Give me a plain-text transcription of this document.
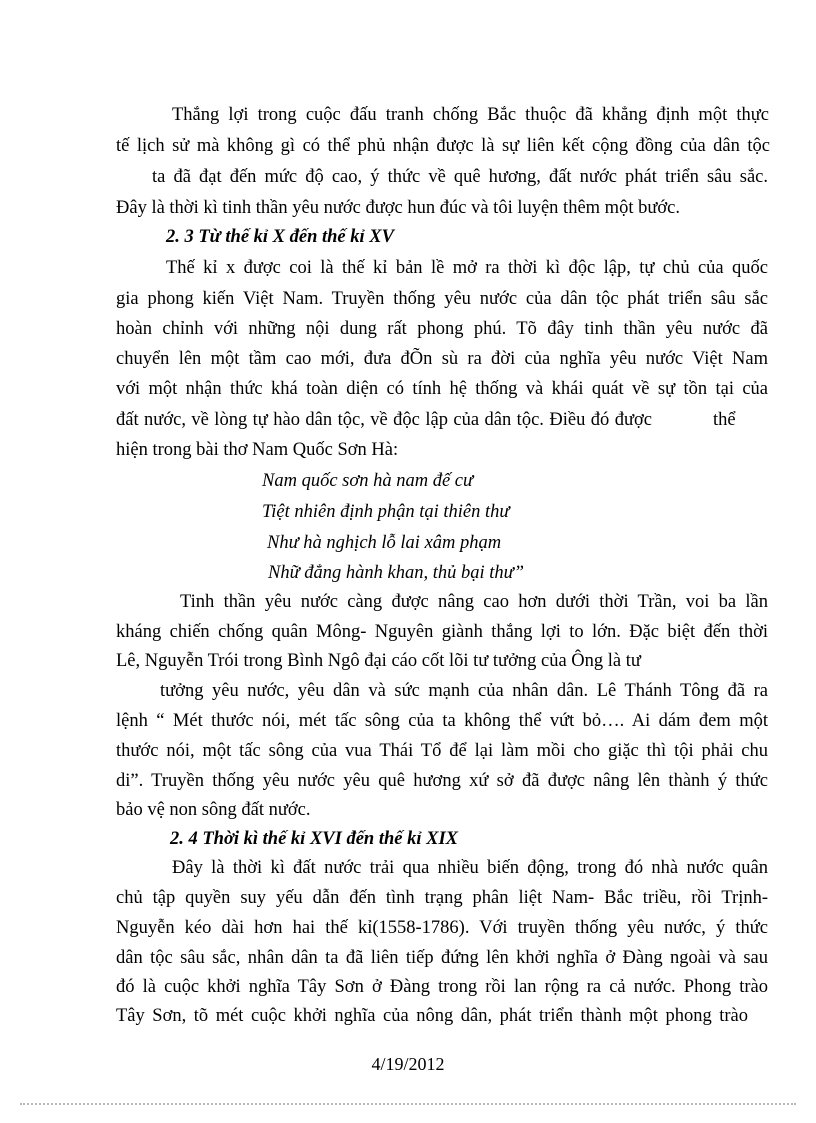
Thắng lợi trong cuộc đấu tranh chống Bắc thuộc đã khẳng định một thực
tế lịch sử mà không gì có thể phủ nhận được là sự liên kết cộng đồng của dân tộc
ta đã đạt đến mức độ cao, ý thức về quê hương, đất nước phát triển sâu sắc.
Đây là thời kì tinh thần yêu nước được hun đúc và tôi luyện thêm một bước.
2. 3 Từ thế kỉ X đến thế kỉ XV
Thế kỉ x được coi là thế kỉ bản lề mở ra thời kì độc lập, tự chủ của quốc
gia phong kiến Việt Nam. Truyền thống yêu nước của dân tộc phát triển sâu sắc
hoàn chỉnh với những nội dung rất phong phú. Tõ đây tinh thần yêu nước đã
chuyển lên một tầm cao mới, đưa đÕn sù ra đời của nghĩa yêu nước Việt Nam
với một nhận thức khá toàn diện có tính hệ thống và khái quát về sự tồn tại của
đất nước, về lòng tự hào dân tộc, về độc lập của dân tộc. Điều đó được	thể
hiện trong bài thơ Nam Quốc Sơn Hà:
Nam quốc sơn hà nam đế cư
Tiệt nhiên định phận tại thiên thư
Như hà nghịch lỗ lai xâm phạm
Nhữ đẳng hành khan, thủ bại thư”
Tinh thần yêu nước càng được nâng cao hơn dưới thời Trần, voi ba lần
kháng chiến chống quân Mông- Nguyên giành thắng lợi to lớn. Đặc biệt đến thời
Lê, Nguyễn Trói trong Bình Ngô đại cáo cốt lõi tư tưởng của Ông là tư
tưởng yêu nước, yêu dân và sức mạnh của nhân dân. Lê Thánh Tông đã ra
lệnh “ Mét thước nói, mét tấc sông của ta không thể vứt bỏ…. Ai dám đem một
thước nói, một tấc sông của vua Thái Tổ để lại làm mồi cho giặc thì tội phải chu
di”. Truyền thống yêu nước yêu quê hương xứ sở đã được nâng lên thành ý thức
bảo vệ non sông đất nước.
2. 4 Thời kì thế kỉ XVI đến thế kỉ XIX
Đây là thời kì đất nước trải qua nhiều biến động, trong đó nhà nước quân
chủ tập quyền suy yếu dẫn đến tình trạng phân liệt Nam- Bắc triều, rồi Trịnh-
Nguyễn kéo dài hơn hai thế kỉ(1558-1786). Với truyền thống yêu nước, ý thức
dân tộc sâu sắc, nhân dân ta đã liên tiếp đứng lên khởi nghĩa ở Đàng ngoài và sau
đó là cuộc khởi nghĩa Tây Sơn ở Đàng trong rồi lan rộng ra cả nước. Phong trào
Tây Sơn, tõ mét cuộc khởi nghĩa của nông dân, phát triển thành một phong trào
4/19/2012
